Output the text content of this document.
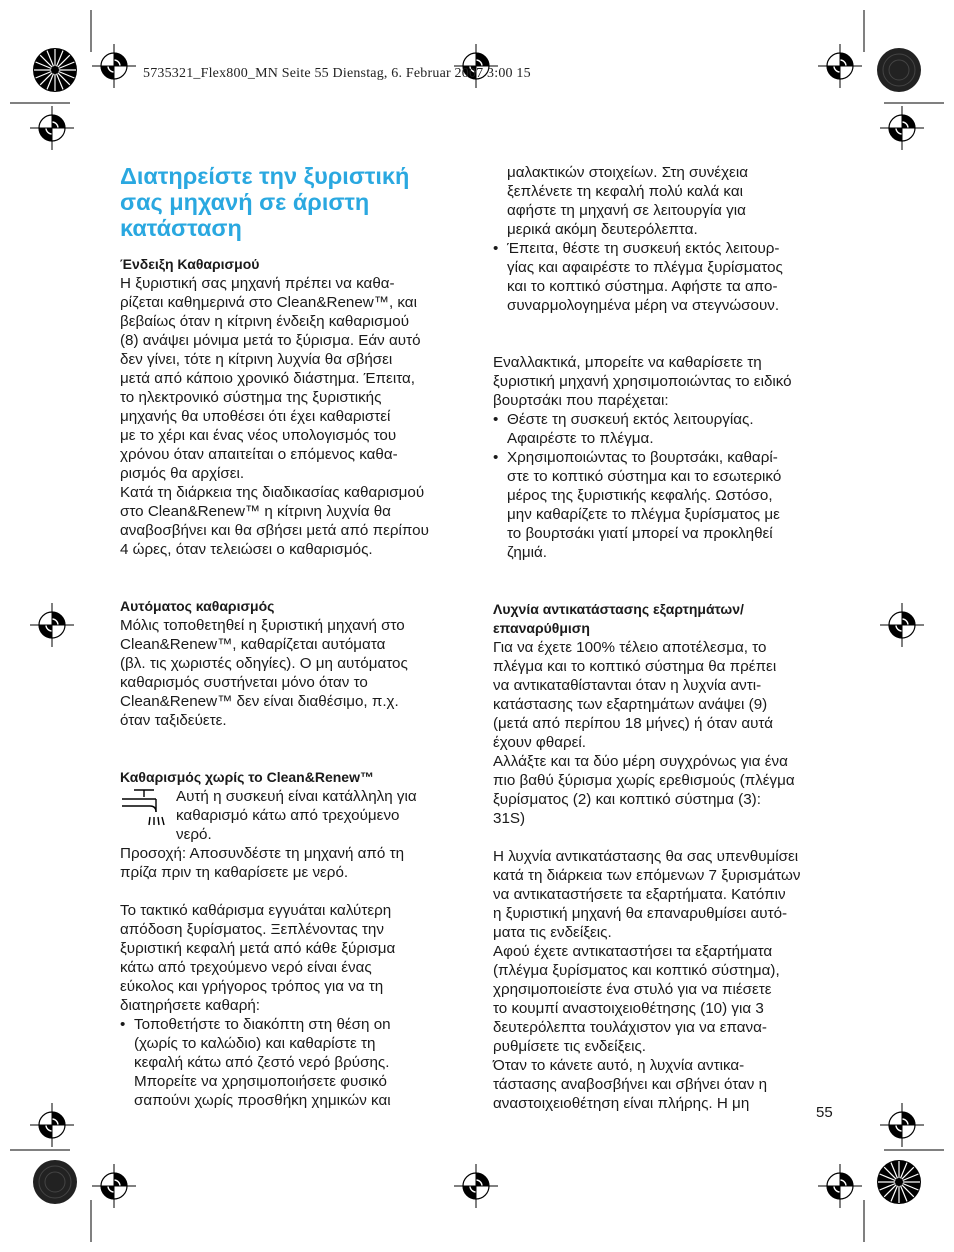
5735321_Flex800_MN Seite 55 Dienstag, 6. Februar 2007 3:00 15
Διατηρείστε την ξυριστική
σας μηχανή σε άριστη
κατάσταση
Ένδειξη Καθαρισμού

Η ξυριστική σας μηχανή πρέπει να καθα-

ρίζεται καθημερινά στο Clean&Renew™, και

βεβαίως όταν η κίτρινη ένδειξη καθαρισμού

(8) ανάψει μόνιμα μετά το ξύρισμα. Εάν αυτό

δεν γίνει, τότε η κίτρινη λυχνία θα σβήσει

μετά από κάποιο χρονικό διάστημα. Έπειτα,

το ηλεκτρονικό σύστημα της ξυριστικής

μηχανής θα υποθέσει ότι έχει καθαριστεί

με το χέρι και ένας νέος υπολογισμός του

χρόνου όταν απαιτείται ο επόμενος καθα-

ρισμός θα αρχίσει.

Κατά τη διάρκεια της διαδικασίας καθαρισμού

στο Clean&Renew™ η κίτρινη λυχνία θα

αναβοσβήνει και θα σβήσει μετά από περίπου

4 ώρες, όταν τελειώσει ο καθαρισμός.

Αυτόματος καθαρισμός

Μόλις τοποθετηθεί η ξυριστική μηχανή στο

Clean&Renew™, καθαρίζεται αυτόματα

(βλ. τις χωριστές οδηγίες). Ο μη αυτόματος

καθαρισμός συστήνεται μόνο όταν το

Clean&Renew™ δεν είναι διαθέσιμο, π.χ.

όταν ταξιδεύετε.

Καθαρισμός χωρίς το Clean&Renew™

Αυτή η συσκευή είναι κατάλληλη για

καθαρισμό κάτω από τρεχούμενο

νερό.

Προσοχή: Αποσυνδέστε τη μηχανή από τη

πρίζα πριν τη καθαρίσετε με νερό.

Το τακτικό καθάρισμα εγγυάται καλύτερη

απόδοση ξυρίσματος. Ξεπλένοντας την

ξυριστική κεφαλή μετά από κάθε ξύρισμα

κάτω από τρεχούμενο νερό είναι ένας

εύκολος και γρήγορος τρόπος για να τη

διατηρήσετε καθαρή:

• Τοποθετήστε το διακόπτη στη θέση on

(χωρίς το καλώδιο) και καθαρίστε τη

κεφαλή κάτω από ζεστό νερό βρύσης.

Μπορείτε να χρησιμοποιήσετε φυσικό

σαπούνι χωρίς προσθήκη χημικών και

μαλακτικών στοιχείων. Στη συνέχεια

ξεπλένετε τη κεφαλή πολύ καλά και

αφήστε τη μηχανή σε λειτουργία για

μερικά ακόμη δευτερόλεπτα.

• Έπειτα, θέστε τη συσκευή εκτός λειτουρ-

γίας και αφαιρέστε το πλέγμα ξυρίσματος

και το κοπτικό σύστημα. Αφήστε τα απο-

συναρμολογημένα μέρη να στεγνώσουν.

Εναλλακτικά, μπορείτε να καθαρίσετε τη

ξυριστική μηχανή χρησιμοποιώντας το ειδικό

βουρτσάκι που παρέχεται:

• Θέστε τη συσκευή εκτός λειτουργίας.

Αφαιρέστε το πλέγμα.

• Χρησιμοποιώντας το βουρτσάκι, καθαρί-

στε το κοπτικό σύστημα και το εσωτερικό

μέρος της ξυριστικής κεφαλής. Ωστόσο,

μην καθαρίζετε το πλέγμα ξυρίσματος με

το βουρτσάκι γιατί μπορεί να προκληθεί

ζημιά.

Λυχνία αντικατάστασης εξαρτημάτων/
επαναρύθμιση

Για να έχετε 100% τέλειο αποτέλεσμα, το

πλέγμα και το κοπτικό σύστημα θα πρέπει

να αντικαταθίστανται όταν η λυχνία αντι-

κατάστασης των εξαρτημάτων ανάψει (9)

(μετά από περίπου 18 μήνες) ή όταν αυτά

έχουν φθαρεί.

Αλλάξτε και τα δύο μέρη συγχρόνως για ένα

πιο βαθύ ξύρισμα χωρίς ερεθισμούς (πλέγμα

ξυρίσματος (2) και κοπτικό σύστημα (3):

31S)

Η λυχνία αντικατάστασης θα σας υπενθυμίσει

κατά τη διάρκεια των επόμενων 7 ξυρισμάτων

να αντικαταστήσετε τα εξαρτήματα. Κατόπιν

η ξυριστική μηχανή θα επαναρυθμίσει αυτό-

ματα τις ενδείξεις.

Αφού έχετε αντικαταστήσει τα εξαρτήματα

(πλέγμα ξυρίσματος και κοπτικό σύστημα),

χρησιμοποιείστε ένα στυλό για να πιέσετε

το κουμπί αναστοιχειοθέτησης (10) για 3

δευτερόλεπτα τουλάχιστον για να επανα-

ρυθμίσετε τις ενδείξεις.

Όταν το κάνετε αυτό, η λυχνία αντικα-

τάστασης αναβοσβήνει και σβήνει όταν η

αναστοιχειοθέτηση είναι πλήρης. Η μη

55
